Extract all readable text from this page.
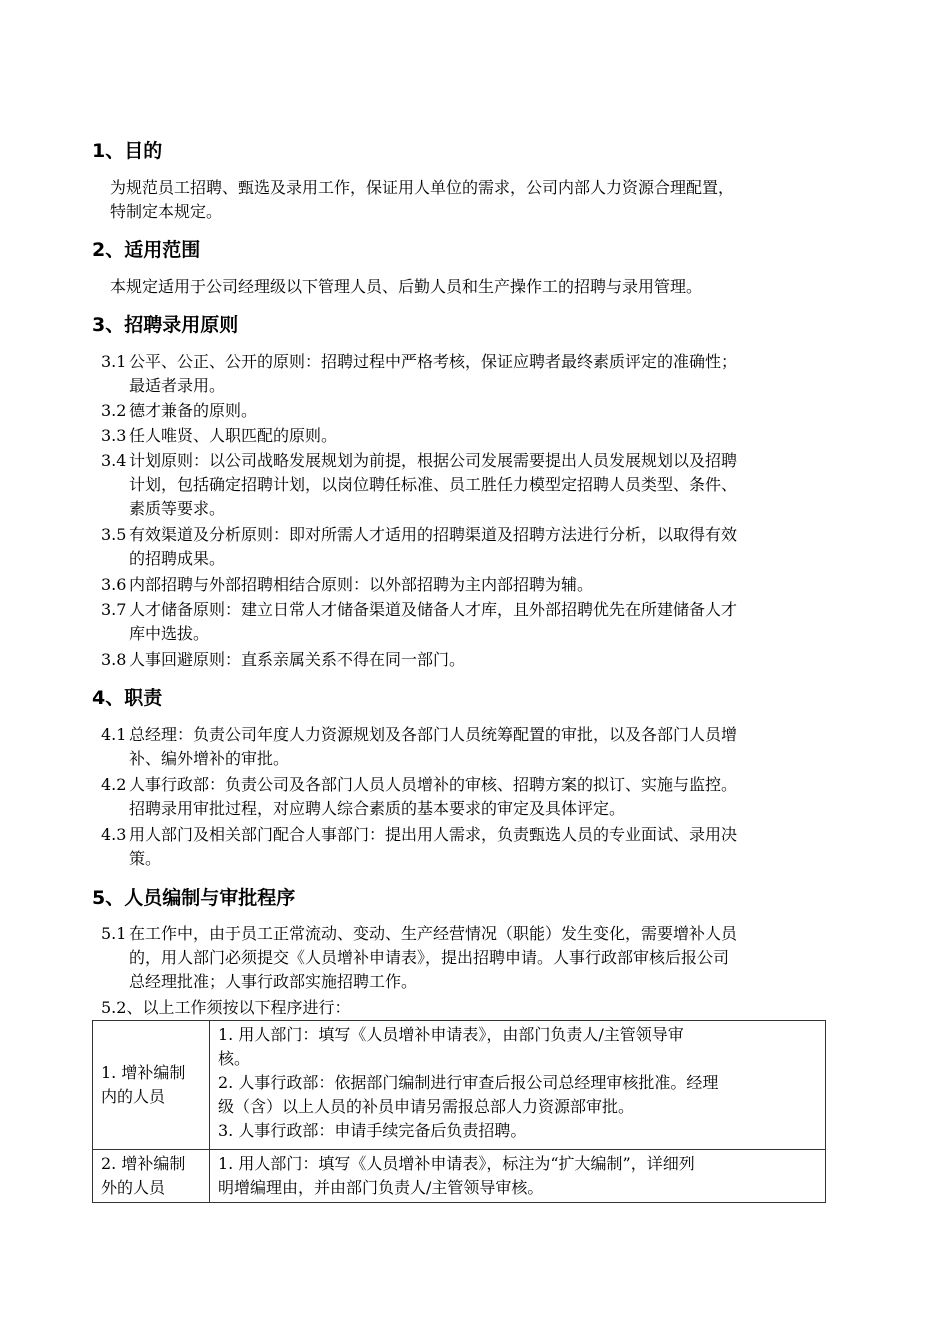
1、目的
为规范员工招聘、甄选及录用工作，保证用人单位的需求，公司内部人力资源合理配置，
特制定本规定。
2、适用范围
本规定适用于公司经理级以下管理人员、后勤人员和生产操作工的招聘与录用管理。
3、招聘录用原则
3.1 公平、公正、公开的原则：招聘过程中严格考核，保证应聘者最终素质评定的准确性；
最适者录用。
3.2 德才兼备的原则。
3.3 任人唯贤、人职匹配的原则。
3.4 计划原则：以公司战略发展规划为前提，根据公司发展需要提出人员发展规划以及招聘
计划，包括确定招聘计划，以岗位聘任标准、员工胜任力模型定招聘人员类型、条件、
素质等要求。
3.5 有效渠道及分析原则：即对所需人才适用的招聘渠道及招聘方法进行分析，以取得有效
的招聘成果。
3.6 内部招聘与外部招聘相结合原则：以外部招聘为主内部招聘为辅。
3.7 人才储备原则：建立日常人才储备渠道及储备人才库，且外部招聘优先在所建储备人才
库中选拔。
3.8 人事回避原则：直系亲属关系不得在同一部门。
4、职责
4.1 总经理：负责公司年度人力资源规划及各部门人员统筹配置的审批，以及各部门人员增
补、编外增补的审批。
4.2 人事行政部：负责公司及各部门人员人员增补的审核、招聘方案的拟订、实施与监控。
招聘录用审批过程，对应聘人综合素质的基本要求的审定及具体评定。
4.3 用人部门及相关部门配合人事部门：提出用人需求，负责甄选人员的专业面试、录用决
策。
5、人员编制与审批程序
5.1 在工作中，由于员工正常流动、变动、生产经营情况（职能）发生变化，需要增补人员
的，用人部门必须提交《人员增补申请表》，提出招聘申请。人事行政部审核后报公司
总经理批准；人事行政部实施招聘工作。
5.2、以上工作须按以下程序进行：
1. 增补编制
内的人员	1. 用人部门：填写《人员增补申请表》，由部门负责人/主管领导审
核。
2. 人事行政部：依据部门编制进行审查后报公司总经理审核批准。经理
级（含）以上人员的补员申请另需报总部人力资源部审批。
3. 人事行政部：申请手续完备后负责招聘。

2. 增补编制
外的人员	1. 用人部门：填写《人员增补申请表》，标注为“扩大编制”，详细列
明增编理由，并由部门负责人/主管领导审核。
